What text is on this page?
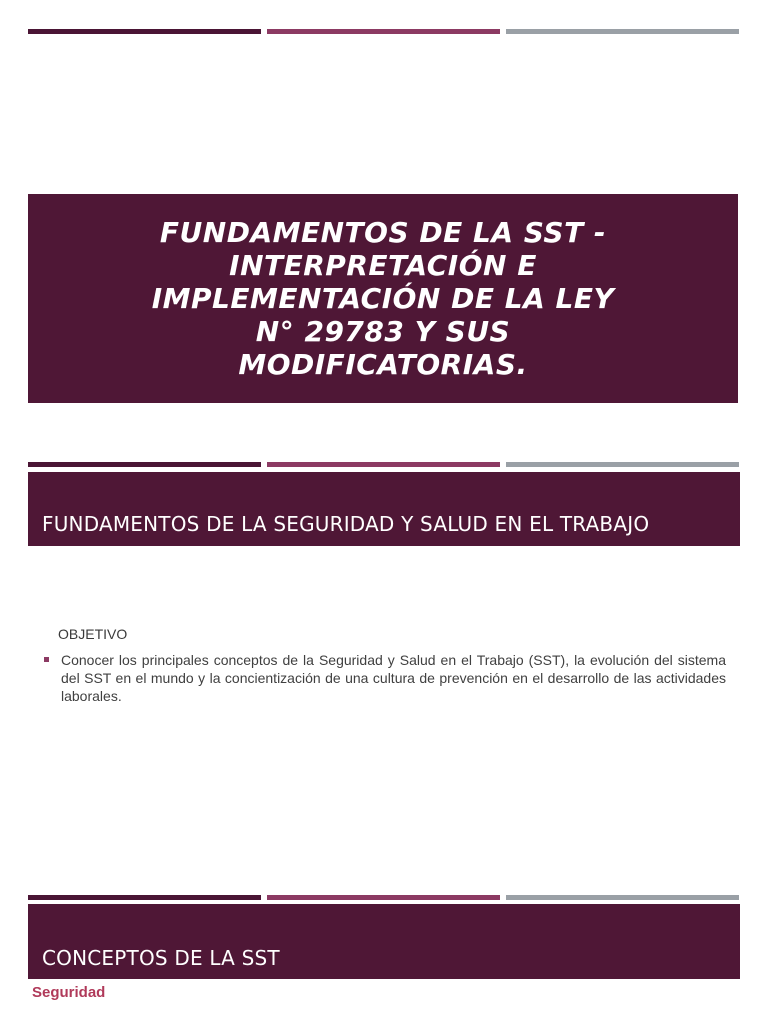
FUNDAMENTOS DE LA SST - INTERPRETACIÓN E IMPLEMENTACIÓN DE LA LEY N° 29783 Y SUS MODIFICATORIAS.
FUNDAMENTOS DE LA SEGURIDAD Y SALUD EN EL TRABAJO
OBJETIVO

Conocer los principales conceptos de la Seguridad y Salud en el Trabajo (SST), la evolución del sistema del SST en el mundo y la concientización de una cultura de prevención en el desarrollo de las actividades laborales.

CONCEPTOS DE LA SST
Seguridad
